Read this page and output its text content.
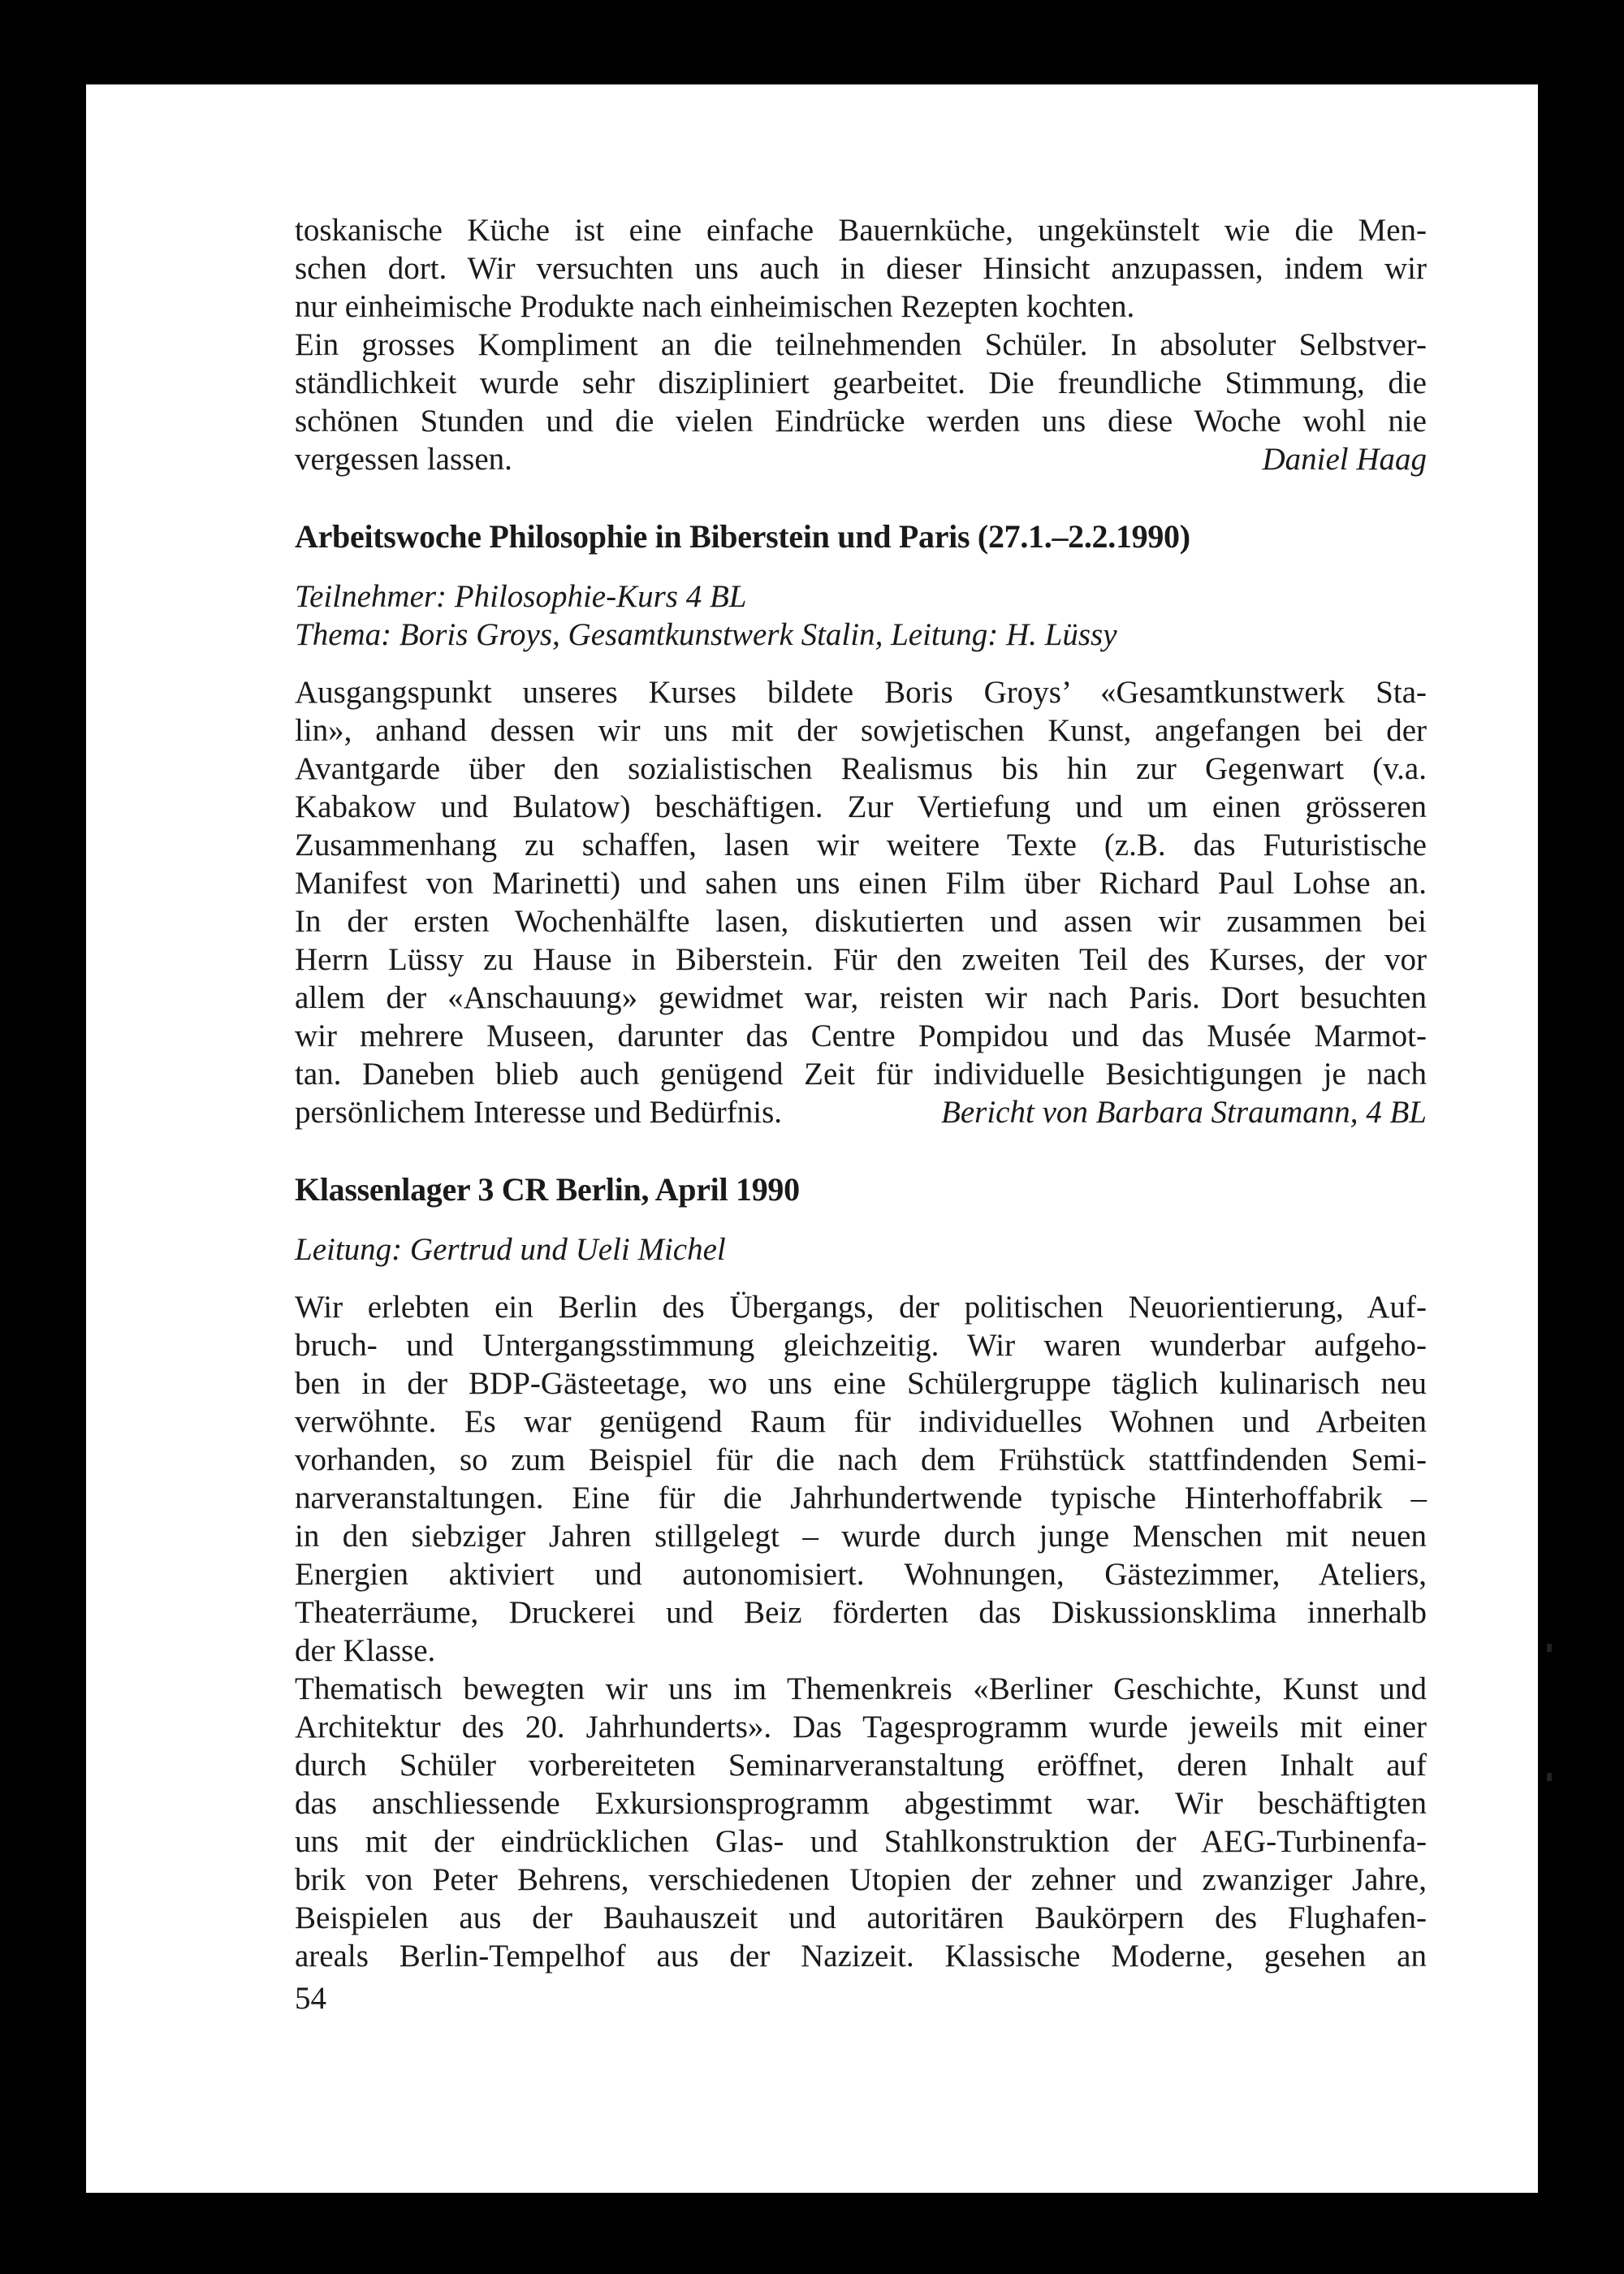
toskanische Küche ist eine einfache Bauernküche, ungekünstelt wie die Men-
schen dort. Wir versuchten uns auch in dieser Hinsicht anzupassen, indem wir
nur einheimische Produkte nach einheimischen Rezepten kochten.
Ein grosses Kompliment an die teilnehmenden Schüler. In absoluter Selbstver-
ständlichkeit wurde sehr diszipliniert gearbeitet. Die freundliche Stimmung, die
schönen Stunden und die vielen Eindrücke werden uns diese Woche wohl nie
vergessen lassen.	Daniel Haag
Arbeitswoche Philosophie in Biberstein und Paris (27.1.–2.2.1990)
Teilnehmer: Philosophie-Kurs 4 BL
Thema: Boris Groys, Gesamtkunstwerk Stalin, Leitung: H. Lüssy
Ausgangspunkt unseres Kurses bildete Boris Groys’ «Gesamtkunstwerk Sta-
lin», anhand dessen wir uns mit der sowjetischen Kunst, angefangen bei der
Avantgarde über den sozialistischen Realismus bis hin zur Gegenwart (v.a.
Kabakow und Bulatow) beschäftigen. Zur Vertiefung und um einen grösseren
Zusammenhang zu schaffen, lasen wir weitere Texte (z.B. das Futuristische
Manifest von Marinetti) und sahen uns einen Film über Richard Paul Lohse an.
In der ersten Wochenhälfte lasen, diskutierten und assen wir zusammen bei
Herrn Lüssy zu Hause in Biberstein. Für den zweiten Teil des Kurses, der vor
allem der «Anschauung» gewidmet war, reisten wir nach Paris. Dort besuchten
wir mehrere Museen, darunter das Centre Pompidou und das Musée Marmot-
tan. Daneben blieb auch genügend Zeit für individuelle Besichtigungen je nach
persönlichem Interesse und Bedürfnis.	Bericht von Barbara Straumann, 4 BL
Klassenlager 3 CR Berlin, April 1990
Leitung: Gertrud und Ueli Michel
Wir erlebten ein Berlin des Übergangs, der politischen Neuorientierung, Auf-
bruch- und Untergangsstimmung gleichzeitig. Wir waren wunderbar aufgeho-
ben in der BDP-Gästeetage, wo uns eine Schülergruppe täglich kulinarisch neu
verwöhnte. Es war genügend Raum für individuelles Wohnen und Arbeiten
vorhanden, so zum Beispiel für die nach dem Frühstück stattfindenden Semi-
narveranstaltungen. Eine für die Jahrhundertwende typische Hinterhoffabrik –
in den siebziger Jahren stillgelegt – wurde durch junge Menschen mit neuen
Energien aktiviert und autonomisiert. Wohnungen, Gästezimmer, Ateliers,
Theaterräume, Druckerei und Beiz förderten das Diskussionsklima innerhalb
der Klasse.
Thematisch bewegten wir uns im Themenkreis «Berliner Geschichte, Kunst und
Architektur des 20. Jahrhunderts». Das Tagesprogramm wurde jeweils mit einer
durch Schüler vorbereiteten Seminarveranstaltung eröffnet, deren Inhalt auf
das anschliessende Exkursionsprogramm abgestimmt war. Wir beschäftigten
uns mit der eindrücklichen Glas- und Stahlkonstruktion der AEG-Turbinenfa-
brik von Peter Behrens, verschiedenen Utopien der zehner und zwanziger Jahre,
Beispielen aus der Bauhauszeit und autoritären Baukörpern des Flughafen-
areals Berlin-Tempelhof aus der Nazizeit. Klassische Moderne, gesehen an
54
